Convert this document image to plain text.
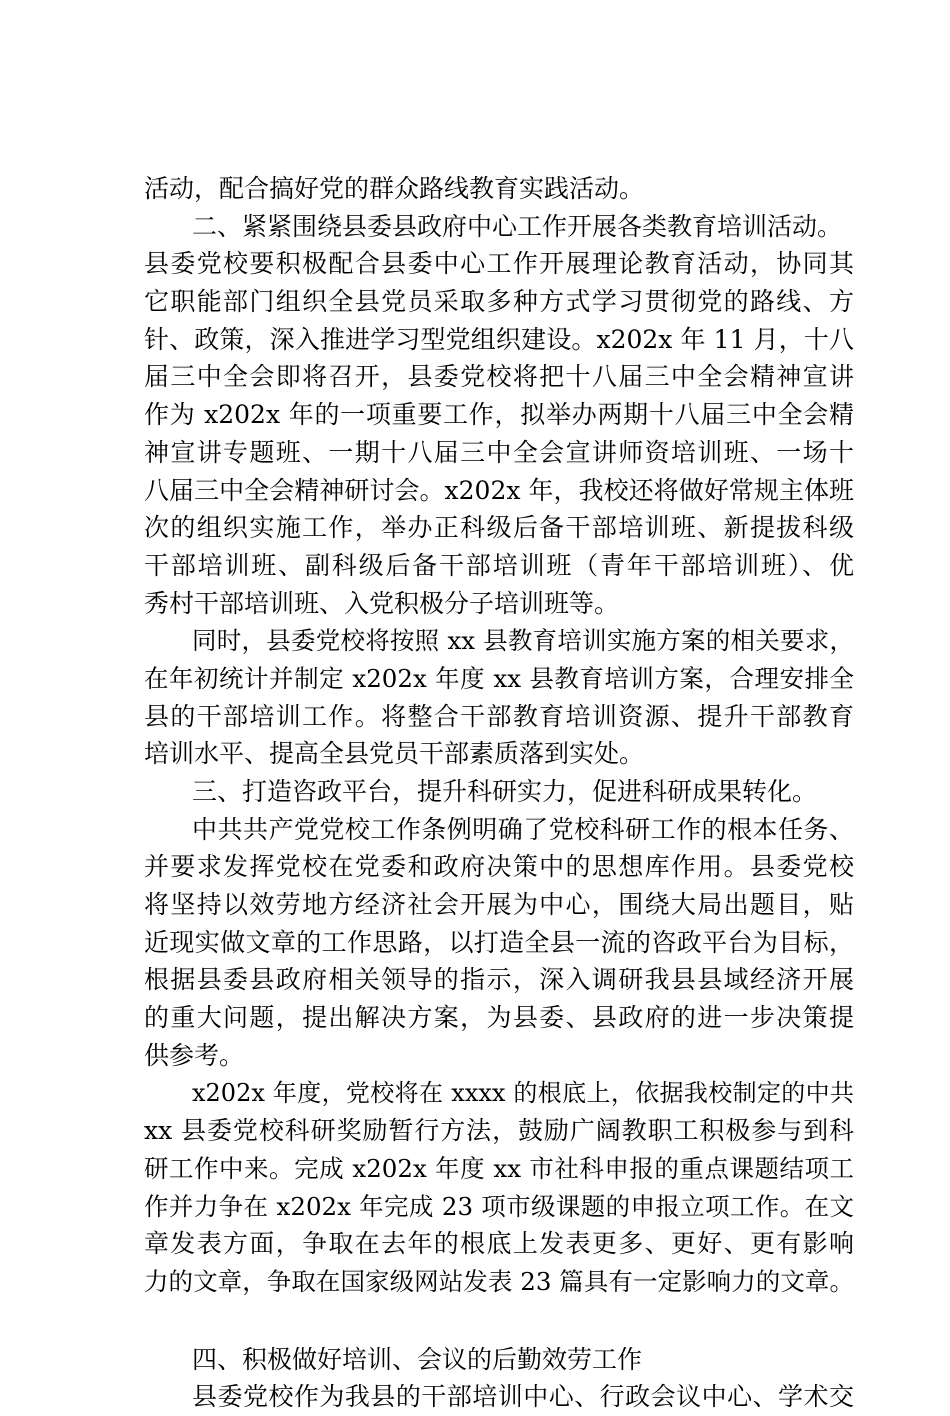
活动，配合搞好党的群众路线教育实践活动。
二、紧紧围绕县委县政府中心工作开展各类教育培训活动。
县委党校要积极配合县委中心工作开展理论教育活动，协同其
它职能部门组织全县党员采取多种方式学习贯彻党的路线、方
针、政策，深入推进学习型党组织建设。x202x 年 11 月，十八
届三中全会即将召开，县委党校将把十八届三中全会精神宣讲
作为 x202x 年的一项重要工作，拟举办两期十八届三中全会精
神宣讲专题班、一期十八届三中全会宣讲师资培训班、一场十
八届三中全会精神研讨会。x202x 年，我校还将做好常规主体班
次的组织实施工作，举办正科级后备干部培训班、新提拔科级
干部培训班、副科级后备干部培训班（青年干部培训班）、优
秀村干部培训班、入党积极分子培训班等。
同时，县委党校将按照 xx 县教育培训实施方案的相关要求，
在年初统计并制定 x202x 年度 xx 县教育培训方案，合理安排全
县的干部培训工作。将整合干部教育培训资源、提升干部教育
培训水平、提高全县党员干部素质落到实处。
三、打造咨政平台，提升科研实力，促进科研成果转化。
中共共产党党校工作条例明确了党校科研工作的根本任务、
并要求发挥党校在党委和政府决策中的思想库作用。县委党校
将坚持以效劳地方经济社会开展为中心，围绕大局出题目，贴
近现实做文章的工作思路，以打造全县一流的咨政平台为目标，
根据县委县政府相关领导的指示，深入调研我县县域经济开展
的重大问题，提出解决方案，为县委、县政府的进一步决策提
供参考。
x202x 年度，党校将在 xxxx 的根底上，依据我校制定的中共
xx 县委党校科研奖励暂行方法，鼓励广阔教职工积极参与到科
研工作中来。完成 x202x 年度 xx 市社科申报的重点课题结项工
作并力争在 x202x 年完成 23 项市级课题的申报立项工作。在文
章发表方面，争取在去年的根底上发表更多、更好、更有影响
力的文章，争取在国家级网站发表 23 篇具有一定影响力的文章。
四、积极做好培训、会议的后勤效劳工作
县委党校作为我县的干部培训中心、行政会议中心、学术交
